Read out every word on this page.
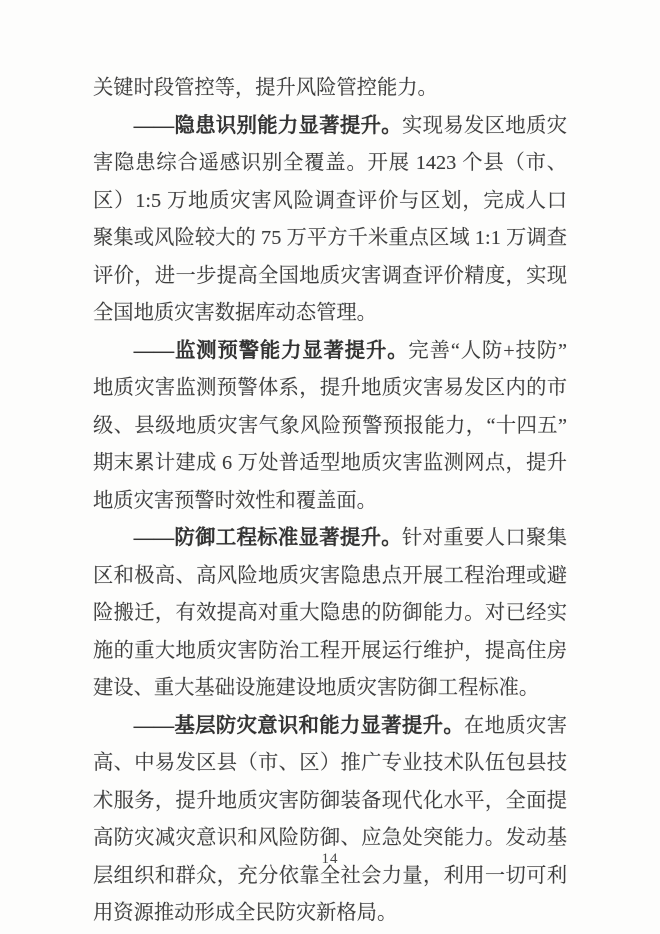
关键时段管控等，提升风险管控能力。

——隐患识别能力显著提升。实现易发区地质灾害隐患综合遥感识别全覆盖。开展 1423 个县（市、区）1:5 万地质灾害风险调查评价与区划，完成人口聚集或风险较大的 75 万平方千米重点区域 1:1 万调查评价，进一步提高全国地质灾害调查评价精度，实现全国地质灾害数据库动态管理。

——监测预警能力显著提升。完善“人防+技防”地质灾害监测预警体系，提升地质灾害易发区内的市级、县级地质灾害气象风险预警预报能力，“十四五”期末累计建成 6 万处普适型地质灾害监测网点，提升地质灾害预警时效性和覆盖面。

——防御工程标准显著提升。针对重要人口聚集区和极高、高风险地质灾害隐患点开展工程治理或避险搬迁，有效提高对重大隐患的防御能力。对已经实施的重大地质灾害防治工程开展运行维护，提高住房建设、重大基础设施建设地质灾害防御工程标准。

——基层防灾意识和能力显著提升。在地质灾害高、中易发区县（市、区）推广专业技术队伍包县技术服务，提升地质灾害防御装备现代化水平，全面提高防灾减灾意识和风险防御、应急处突能力。发动基层组织和群众，充分依靠全社会力量，利用一切可利用资源推动形成全民防灾新格局。

14
